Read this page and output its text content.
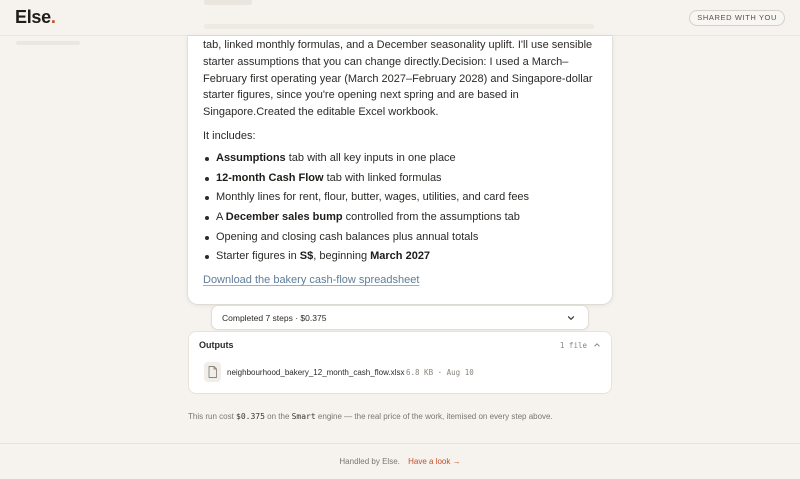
Else.	SHARED WITH YOU

tab, linked monthly formulas, and a December seasonality uplift. I'll use sensible starter assumptions that you can change directly.Decision: I used a March–February first operating year (March 2027–February 2028) and Singapore-dollar starter figures, since you're opening next spring and are based in Singapore.Created the editable Excel workbook.

It includes:

Assumptions tab with all key inputs in one place
12-month Cash Flow tab with linked formulas
Monthly lines for rent, flour, butter, wages, utilities, and card fees
A December sales bump controlled from the assumptions tab
Opening and closing cash balances plus annual totals
Starter figures in S$, beginning March 2027
Download the bakery cash-flow spreadsheet
Completed 7 steps · $0.375
Outputs	1 file
neighbourhood_bakery_12_month_cash_flow.xlsx 6.8 KB · Aug 10
This run cost $0.375 on the Smart engine — the real price of the work, itemised on every step above.
Handled by Else. Have a look →
